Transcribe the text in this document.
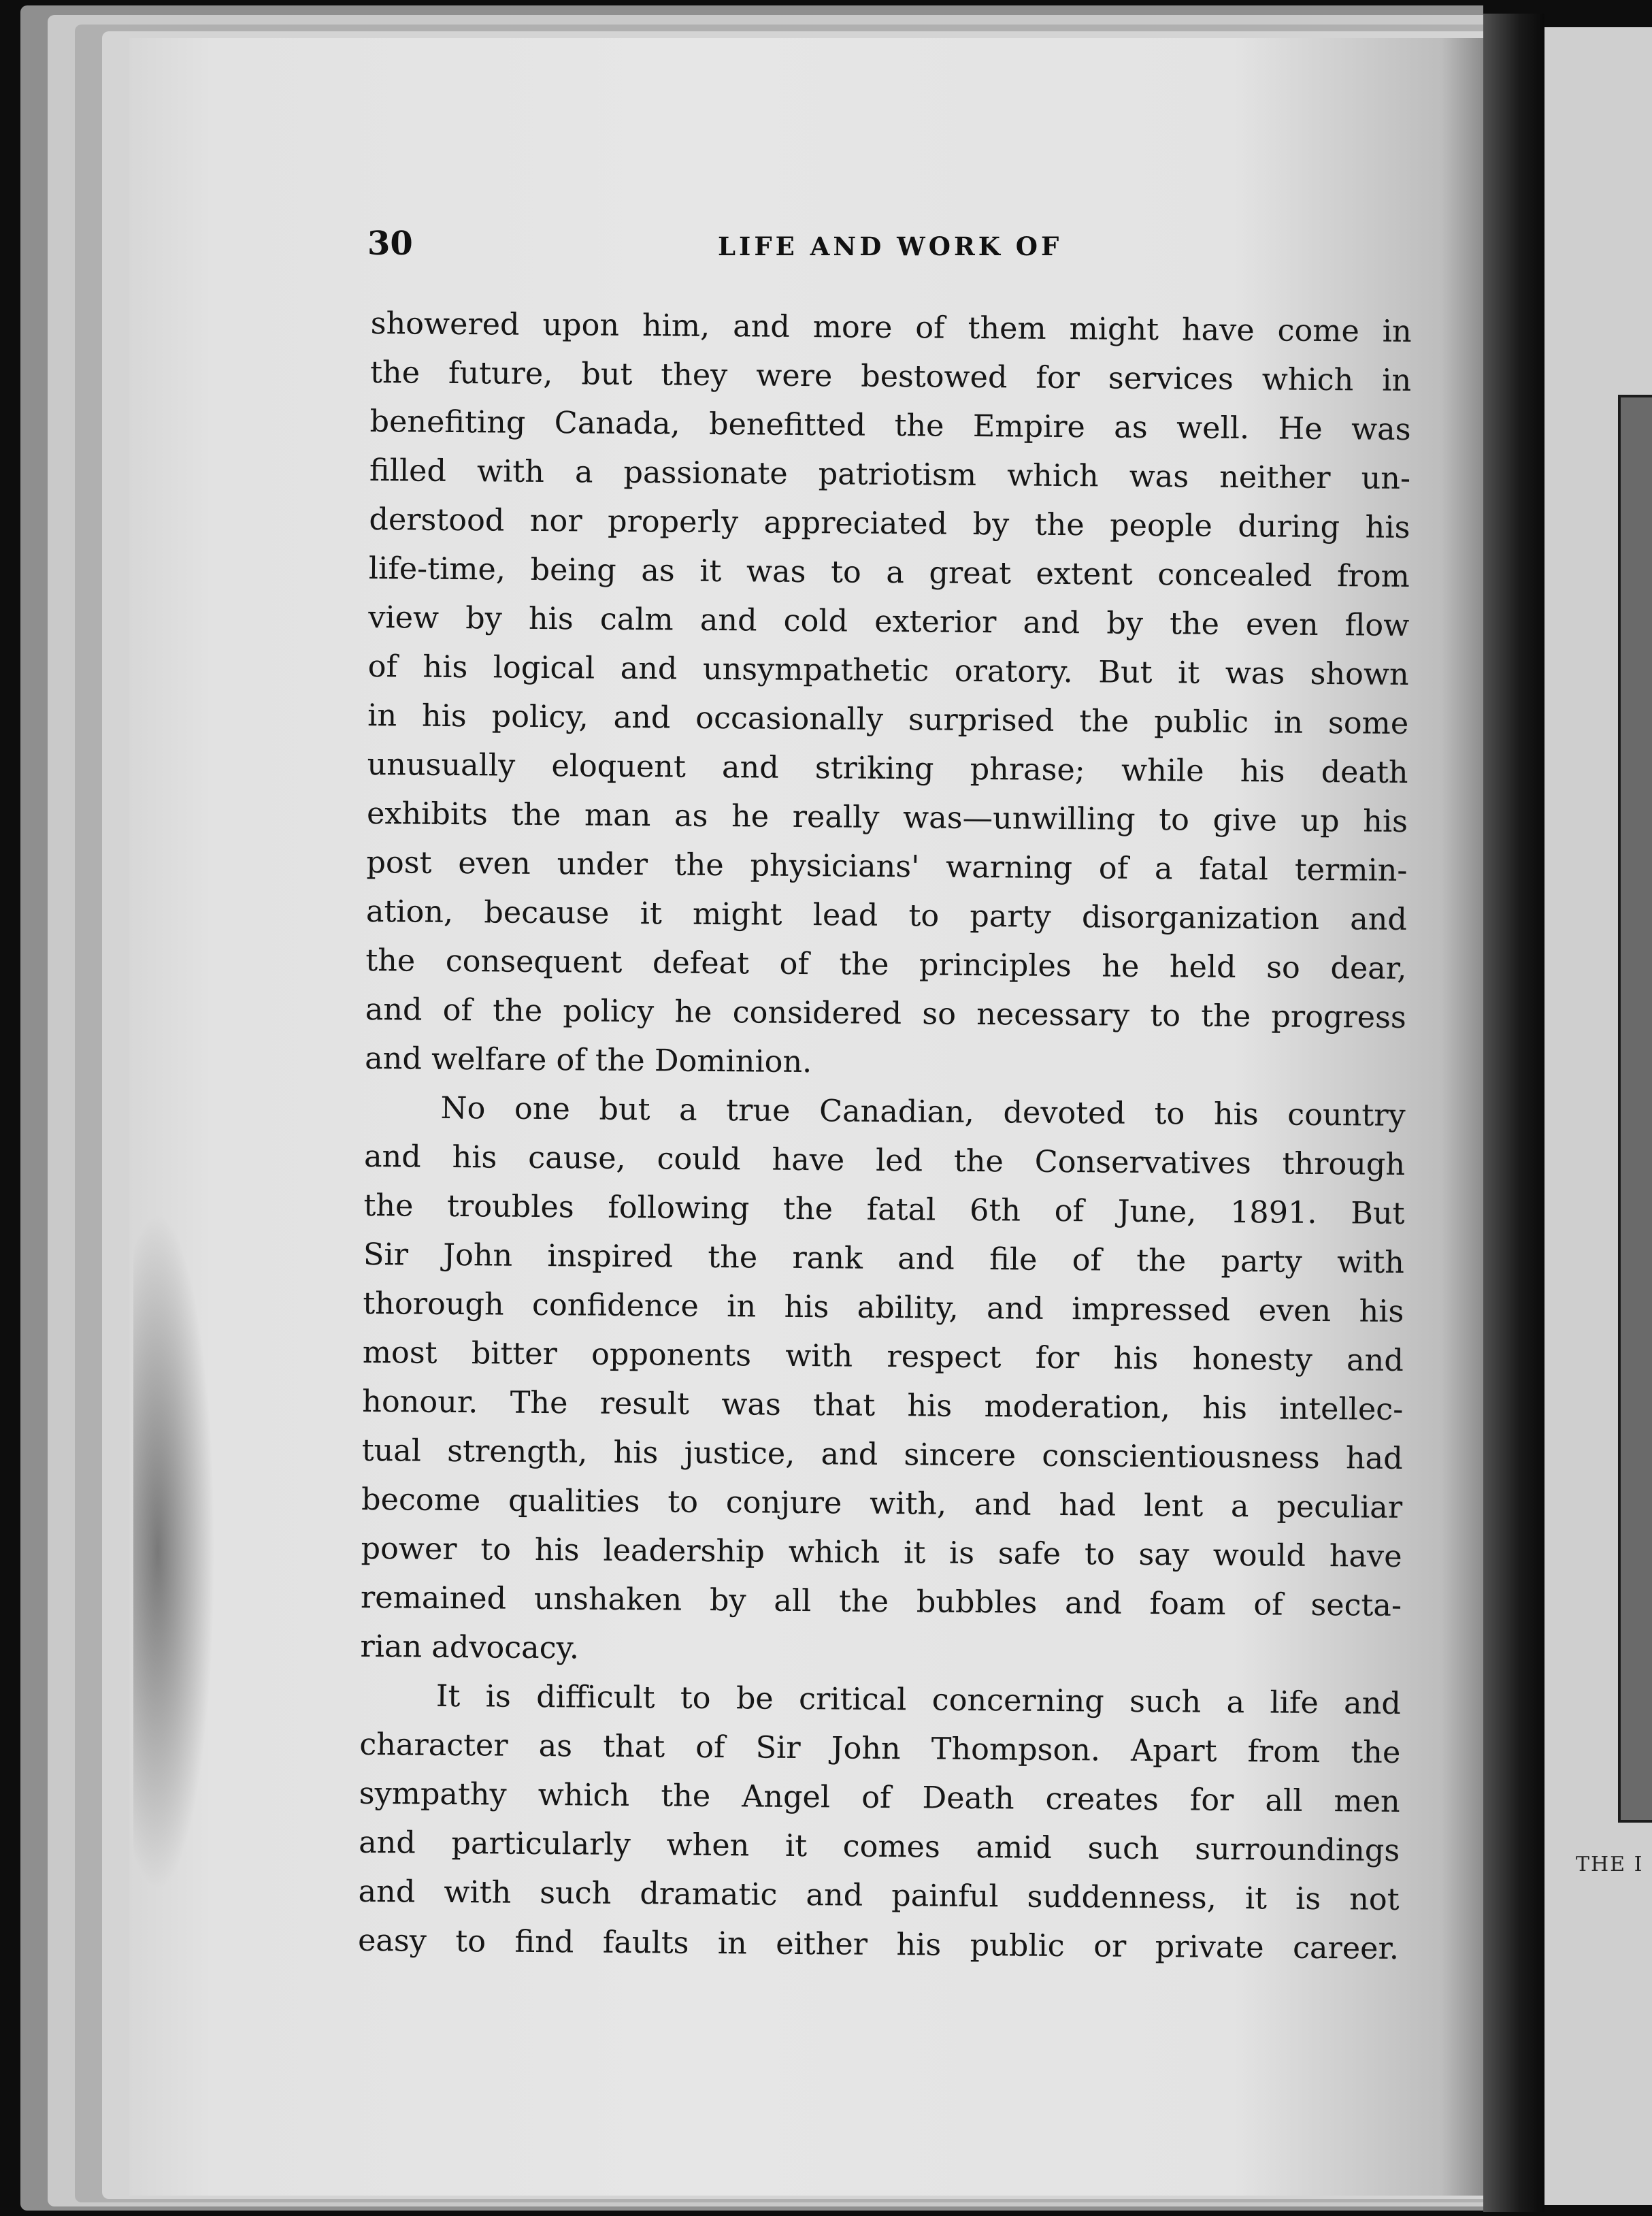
THE I
30	LIFE AND WORK OF
showered upon him, and more of them might have come in
the future, but they were bestowed for services which in
benefiting Canada, benefitted the Empire as well. He was
filled with a passionate patriotism which was neither un-
derstood nor properly appreciated by the people during his
life-time, being as it was to a great extent concealed from
view by his calm and cold exterior and by the even flow
of his logical and unsympathetic oratory. But it was shown
in his policy, and occasionally surprised the public in some
unusually eloquent and striking phrase; while his death
exhibits the man as he really was—unwilling to give up his
post even under the physicians' warning of a fatal termin-
ation, because it might lead to party disorganization and
the consequent defeat of the principles he held so dear,
and of the policy he considered so necessary to the progress
and welfare of the Dominion.
No one but a true Canadian, devoted to his country
and his cause, could have led the Conservatives through
the troubles following the fatal 6th of June, 1891. But
Sir John inspired the rank and file of the party with
thorough confidence in his ability, and impressed even his
most bitter opponents with respect for his honesty and
honour. The result was that his moderation, his intellec-
tual strength, his justice, and sincere conscientiousness had
become qualities to conjure with, and had lent a peculiar
power to his leadership which it is safe to say would have
remained unshaken by all the bubbles and foam of secta-
rian advocacy.
It is difficult to be critical concerning such a life and
character as that of Sir John Thompson. Apart from the
sympathy which the Angel of Death creates for all men
and particularly when it comes amid such surroundings
and with such dramatic and painful suddenness, it is not
easy to find faults in either his public or private career.
